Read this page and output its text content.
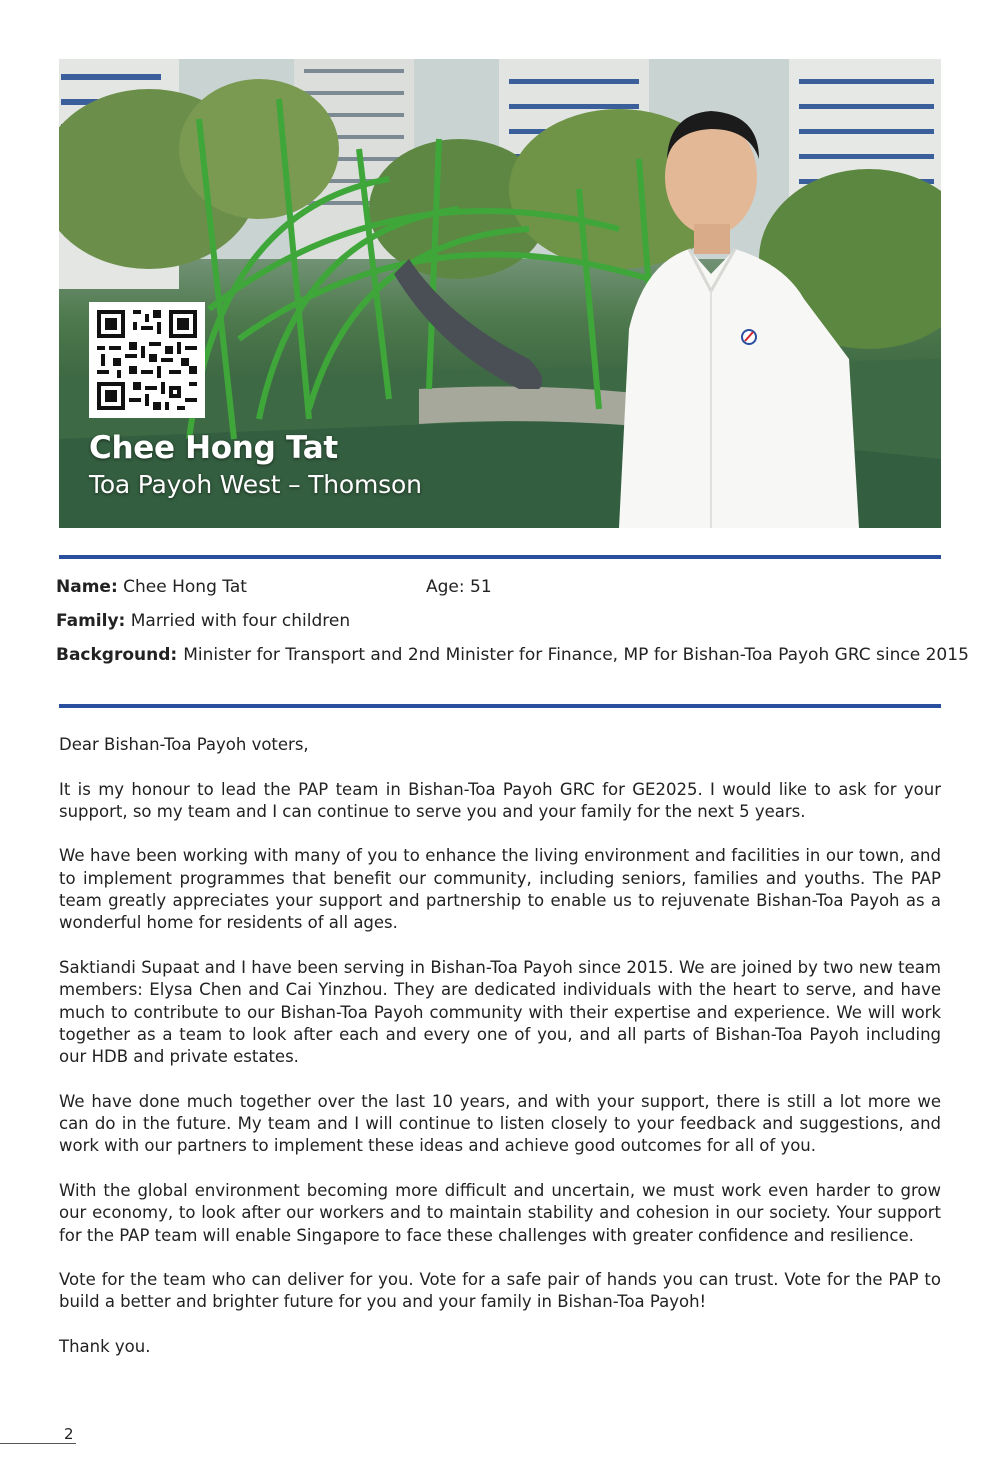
Chee Hong Tat
Toa Payoh West – Thomson
Name: Chee Hong Tat	Age: 51
Family: Married with four children
Background: Minister for Transport and 2nd Minister for Finance, MP for Bishan-Toa Payoh GRC since 2015

Dear Bishan-Toa Payoh voters,

It is my honour to lead the PAP team in Bishan-Toa Payoh GRC for GE2025. I would like to ask for your support, so my team and I can continue to serve you and your family for the next 5 years.

We have been working with many of you to enhance the living environment and facilities in our town, and to implement programmes that benefit our community, including seniors, families and youths. The PAP team greatly appreciates your support and partnership to enable us to rejuvenate Bishan-Toa Payoh as a wonderful home for residents of all ages.

Saktiandi Supaat and I have been serving in Bishan-Toa Payoh since 2015. We are joined by two new team members: Elysa Chen and Cai Yinzhou. They are dedicated individuals with the heart to serve, and have much to contribute to our Bishan-Toa Payoh community with their expertise and experience. We will work together as a team to look after each and every one of you, and all parts of Bishan-Toa Payoh including our HDB and private estates.

We have done much together over the last 10 years, and with your support, there is still a lot more we can do in the future. My team and I will continue to listen closely to your feedback and suggestions, and work with our partners to implement these ideas and achieve good outcomes for all of you.

With the global environment becoming more difficult and uncertain, we must work even harder to grow our economy, to look after our workers and to maintain stability and cohesion in our society. Your support for the PAP team will enable Singapore to face these challenges with greater confidence and resilience.

Vote for the team who can deliver for you. Vote for a safe pair of hands you can trust. Vote for the PAP to build a better and brighter future for you and your family in Bishan-Toa Payoh!

Thank you.

2
